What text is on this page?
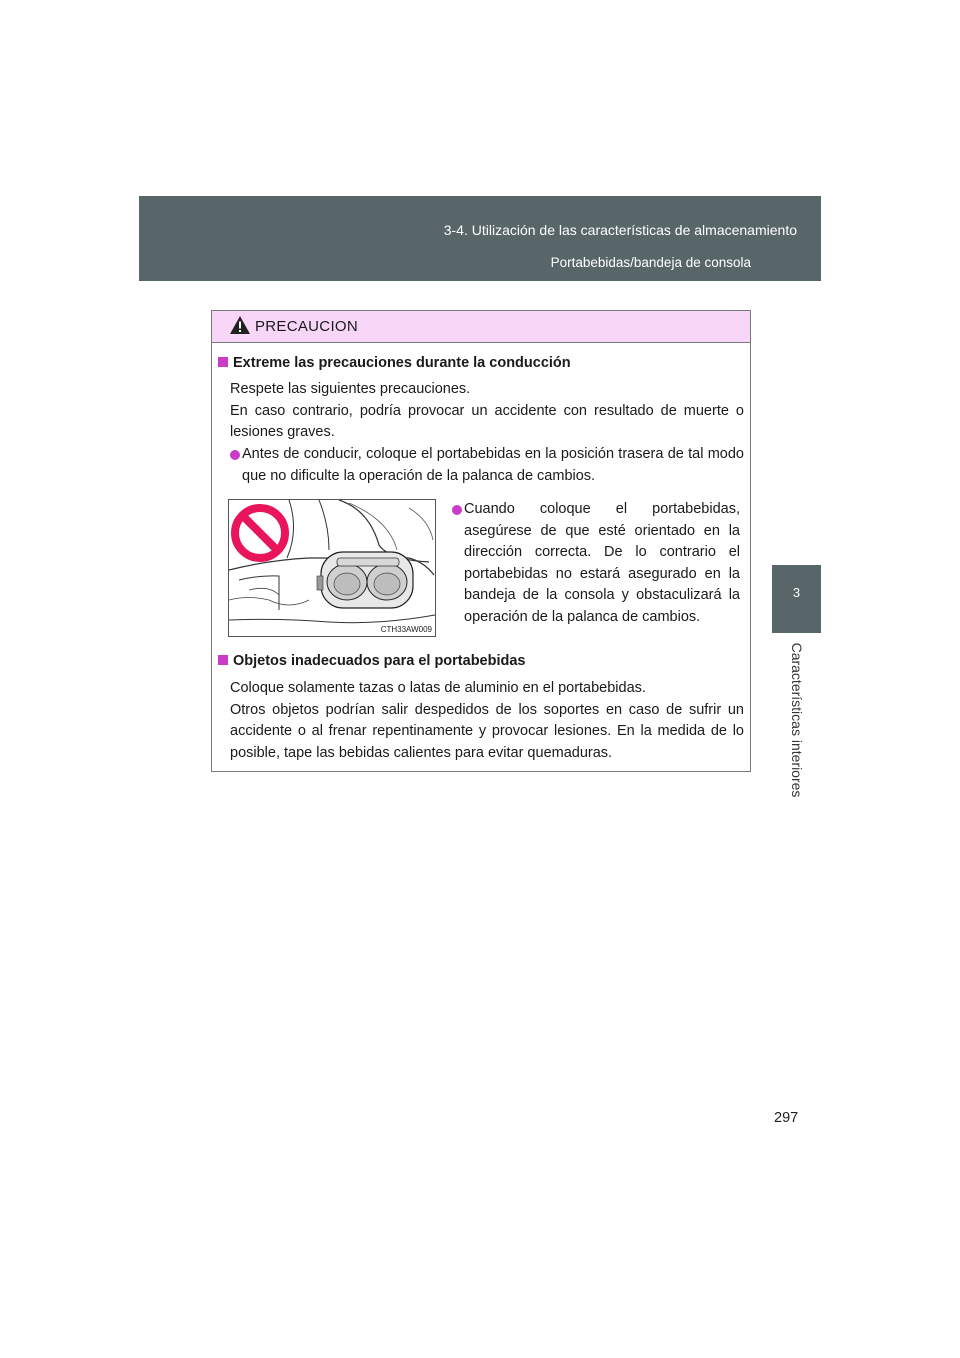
3-4. Utilización de las características de almacenamiento
Portabebidas/bandeja de consola
3
Características interiores
PRECAUCION
Extreme las precauciones durante la conducción
Respete las siguientes precauciones.
En caso contrario, podría provocar un accidente con resultado de muerte o lesiones graves.
Antes de conducir, coloque el portabebidas en la posición trasera de tal modo que no dificulte la operación de la palanca de cambios.
CTH33AW009
Cuando coloque el portabebidas, asegúrese de que esté orientado en la dirección correcta. De lo contrario el portabebidas no estará asegurado en la bandeja de la consola y obstaculizará la operación de la palanca de cambios.
Objetos inadecuados para el portabebidas
Coloque solamente tazas o latas de aluminio en el portabebidas.
Otros objetos podrían salir despedidos de los soportes en caso de sufrir un accidente o al frenar repentinamente y provocar lesiones. En la medida de lo posible, tape las bebidas calientes para evitar quemaduras.
297
